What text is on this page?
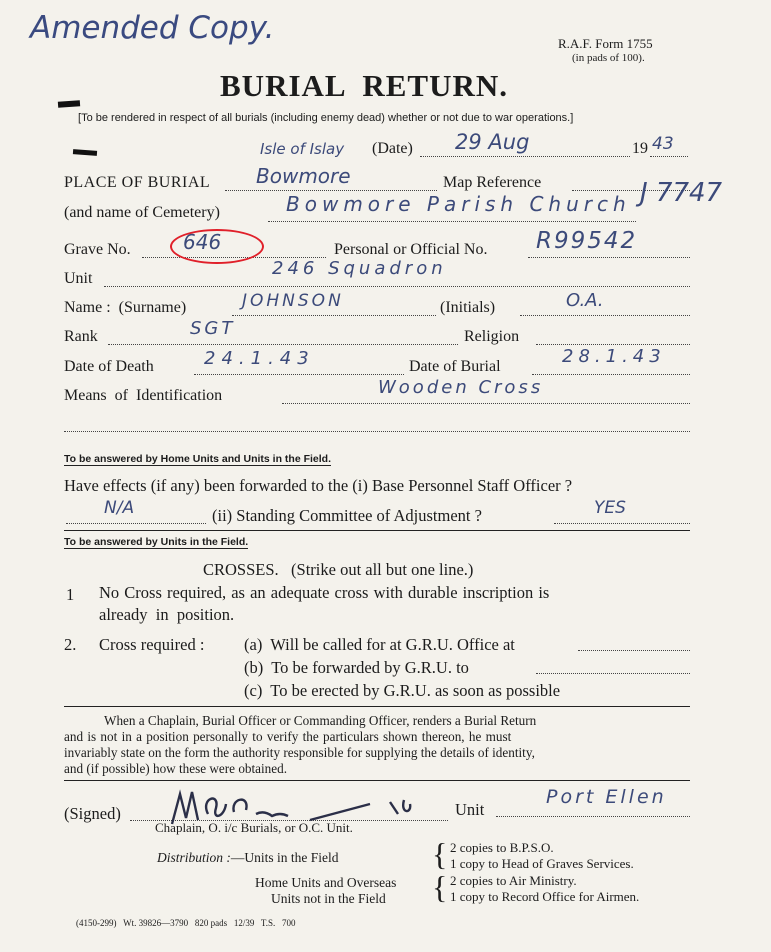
Amended Copy.	R.A.F. Form 1755
(in pads of 100).
BURIAL  RETURN.
[To be rendered in respect of all burials (including enemy dead) whether or not due to war operations.]
Isle of Islay (Date) 29 Aug	19 43
PLACE OF BURIAL Bowmore	Map Reference	J 7747
(and name of Cemetery)	Bowmore Parish Church
Grave No.	646	Personal or Official No. R99542
Unit	246 Squadron
Name :  (Surname)	JOHNSON	(Initials)	O.A.
Rank	SGT	Religion
Date of Death	24.1.43	Date of Burial	28.1.43
Means  of  Identification	Wooden Cross
To be answered by Home Units and Units in the Field.
Have effects (if any) been forwarded to the (i) Base Personnel Staff Officer ?
N/A	(ii) Standing Committee of Adjustment ?	YES
To be answered by Units in the Field.
CROSSES.   (Strike out all but one line.)
1 No Cross required, as an adequate cross with durable inscription is
already  in  position.
2. Cross required : (a)  Will be called for at G.R.U. Office at
(b)  To be forwarded by G.R.U. to
(c)  To be erected by G.R.U. as soon as possible
When a Chaplain, Burial Officer or Commanding Officer, renders a Burial Return
and is not in a position personally to verify the particulars shown thereon, he must
invariably state on the form the authority responsible for supplying the details of identity,
and (if possible) how these were obtained.
(Signed)	Unit
Port Ellen
Chaplain, O. i/c Burials, or O.C. Unit.
Distribution :—Units in the Field
Home Units and Overseas
Units not in the Field
{
{
2 copies to B.P.S.O.
1 copy to Head of Graves Services.
2 copies to Air Ministry.
1 copy to Record Office for Airmen.
(4150-299)   Wt. 39826—3790   820 pads   12/39   T.S.   700
